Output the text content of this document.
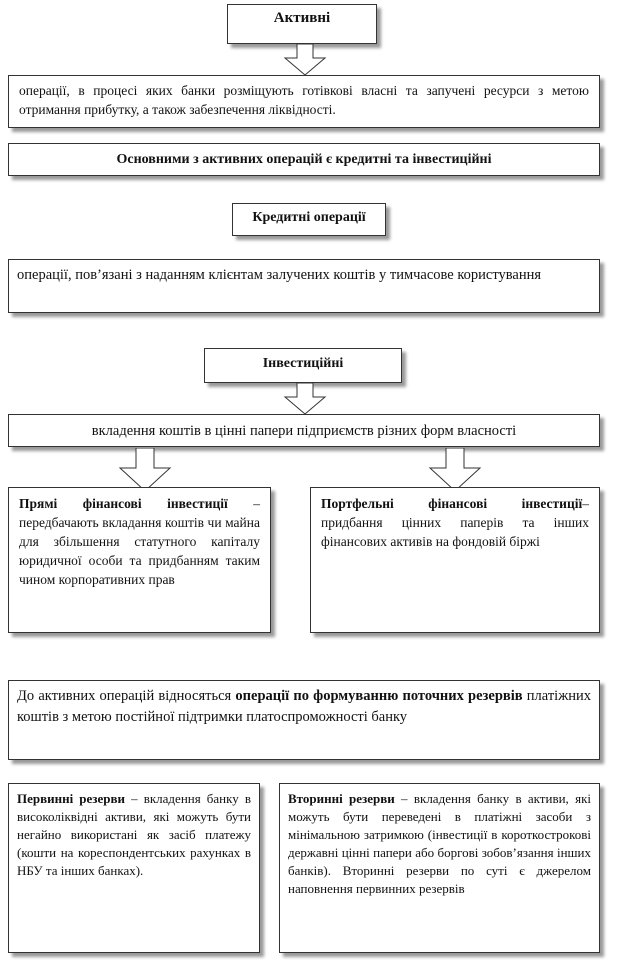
Активні

операції, в процесі яких банки розміщують готівкові власні та запучені ресурси з метою отримання прибутку, а також забезпечення ліквідності.

Основними з активних операцій є кредитні та інвестиційні
Кредитні операції

операції, пов’язані з наданням клієнтам залучених коштів у тимчасове користування

Інвестиційні
вкладення коштів в цінні папери підприємств різних форм власності

Прямі фінансові інвестиції – передбачають вкладання коштів чи майна для збільшення статутного капіталу юридичної особи та придбанням таким чином корпоративних прав

Портфельні фінансові інвестиції– придбання цінних паперів та інших фінансових активів на фондовій біржі

До активних операцій відносяться операції по формуванню поточних резервів платіжних коштів з метою постійної підтримки платоспроможності банку

Первинні резерви – вкладення банку в високоліквідні активи, які можуть бути негайно використані як засіб платежу (кошти на кореспондентських рахунках в НБУ та інших банках).

Вторинні резерви – вкладення банку в активи, які можуть бути переведені в платіжні засоби з мінімальною затримкою (інвестиції в короткострокові державні цінні папери або боргові зобов’язання інших банків). Вторинні резерви по суті є джерелом наповнення первинних резервів
